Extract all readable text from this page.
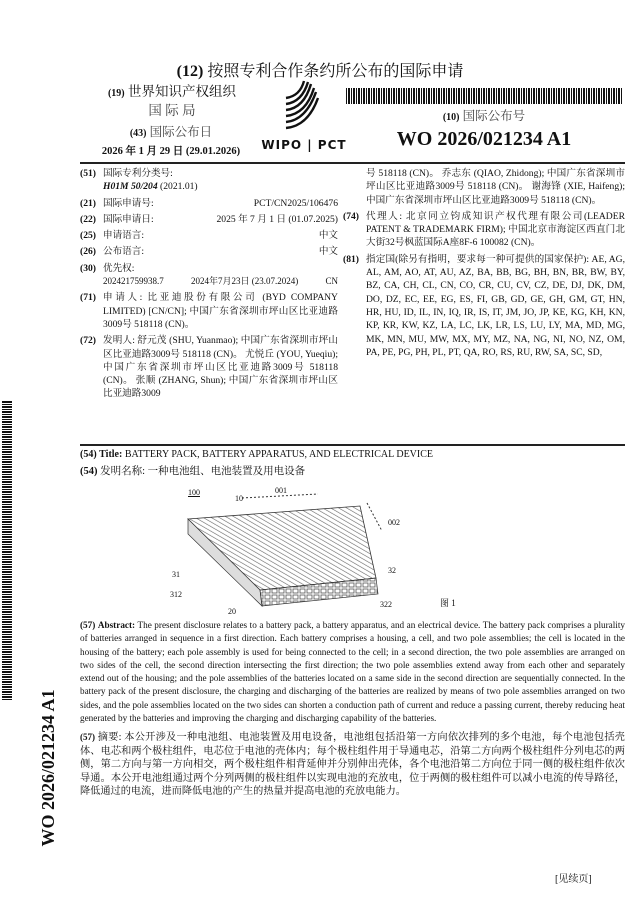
(12) 按照专利合作条约所公布的国际申请
(19) 世界知识产权组织
国 际 局
(43) 国际公布日
2026 年 1 月 29 日 (29.01.2026)	WIPO | PCT
(10) 国际公布号
WO 2026/021234 A1
(51) 国际专利分类号:
H01M 50/204 (2021.01)
(21) 国际申请号:	PCT/CN2025/106476
(22) 国际申请日:	2025 年 7 月 1 日 (01.07.2025)
(25) 申请语言:	中文
(26) 公布语言:	中文
(30) 优先权:
202421759938.7	2024年7月23日 (23.07.2024)	CN
(71) 申请人: 比亚迪股份有限公司 (BYD COMPANY LIMITED) [CN/CN]; 中国广东省深圳市坪山区比亚迪路3009号 518118 (CN)。
(72) 发明人: 舒元茂 (SHU, Yuanmao); 中国广东省深圳市坪山区比亚迪路3009号 518118 (CN)。 尤悦丘 (YOU, Yueqiu); 中国广东省深圳市坪山区比亚迪路3009号 518118 (CN)。 张顺 (ZHANG, Shun); 中国广东省深圳市坪山区比亚迪路3009
号 518118 (CN)。 乔志东 (QIAO, Zhidong); 中国广东省深圳市坪山区比亚迪路3009号 518118 (CN)。 谢海锋 (XIE, Haifeng); 中国广东省深圳市坪山区比亚迪路3009号 518118 (CN)。
(74) 代理人: 北京同立钧成知识产权代理有限公司(LEADER PATENT & TRADEMARK FIRM); 中国北京市海淀区西直门北大街32号枫蓝国际A座8F-6 100082 (CN)。
(81) 指定国(除另有指明，要求每一种可提供的国家保护): AE, AG, AL, AM, AO, AT, AU, AZ, BA, BB, BG, BH, BN, BR, BW, BY, BZ, CA, CH, CL, CN, CO, CR, CU, CV, CZ, DE, DJ, DK, DM, DO, DZ, EC, EE, EG, ES, FI, GB, GD, GE, GH, GM, GT, HN, HR, HU, ID, IL, IN, IQ, IR, IS, IT, JM, JO, JP, KE, KG, KH, KN, KP, KR, KW, KZ, LA, LC, LK, LR, LS, LU, LY, MA, MD, MG, MK, MN, MU, MW, MX, MY, MZ, NA, NG, NI, NO, NZ, OM, PA, PE, PG, PH, PL, PT, QA, RO, RS, RU, RW, SA, SC, SD,
WO 2026/021234 A1
(54) Title: BATTERY PACK, BATTERY APPARATUS, AND ELECTRICAL DEVICE
(54) 发明名称: 一种电池组、电池装置及用电设备
100
10
001
002
31	32
312
322
20
图 1
(57) Abstract: The present disclosure relates to a battery pack, a battery apparatus, and an electrical device. The battery pack comprises a plurality of batteries arranged in sequence in a first direction. Each battery comprises a housing, a cell, and two pole assemblies; the cell is located in the housing of the battery; each pole assembly is used for being connected to the cell; in a second direction, the two pole assemblies are arranged on two sides of the cell, the second direction intersecting the first direction; the two pole assemblies extend away from each other and separately extend out of the housing; and the pole assemblies of the batteries located on a same side in the second direction are sequentially connected. In the battery pack of the present disclosure, the charging and discharging of the batteries are realized by means of two pole assemblies arranged on two sides, and the pole assemblies located on the two sides can shorten a conduction path of current and reduce a passing current, thereby reducing heat generated by the batteries and improving the charging and discharging capability of the batteries.
(57) 摘要: 本公开涉及一种电池组、电池装置及用电设备，电池组包括沿第一方向依次排列的多个电池，每个电池包括壳体、电芯和两个极柱组件，电芯位于电池的壳体内；每个极柱组件用于导通电芯，沿第二方向两个极柱组件分列电芯的两侧，第二方向与第一方向相交，两个极柱组件相背延伸并分别伸出壳体，各个电池沿第二方向位于同一侧的极柱组件依次导通。本公开电池组通过两个分列两侧的极柱组件以实现电池的充放电，位于两侧的极柱组件可以减小电流的传导路径，降低通过的电流，进而降低电池的产生的热量并提高电池的充放电能力。
[见续页]
